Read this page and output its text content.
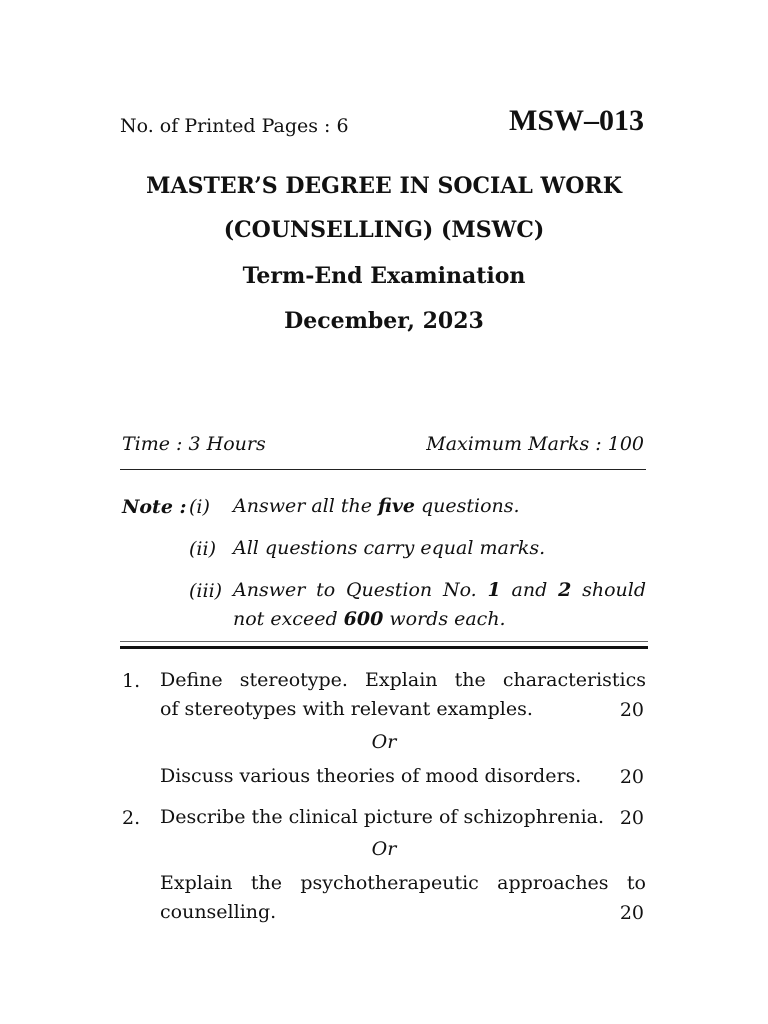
No. of Printed Pages : 6	MSW–013
MASTER’S DEGREE IN SOCIAL WORK
(COUNSELLING) (MSWC)
Term-End Examination
December, 2023
Time : 3 Hours	Maximum Marks : 100
Note : (i) Answer all the five questions.
(ii) All questions carry equal marks.
(iii) Answer to Question No. 1 and 2 should
not exceed 600 words each.
1. Define stereotype. Explain the characteristics
of stereotypes with relevant examples.	20
Or
Discuss various theories of mood disorders.	20
2. Describe the clinical picture of schizophrenia. 20
Or
Explain the psychotherapeutic approaches to
counselling.	20
